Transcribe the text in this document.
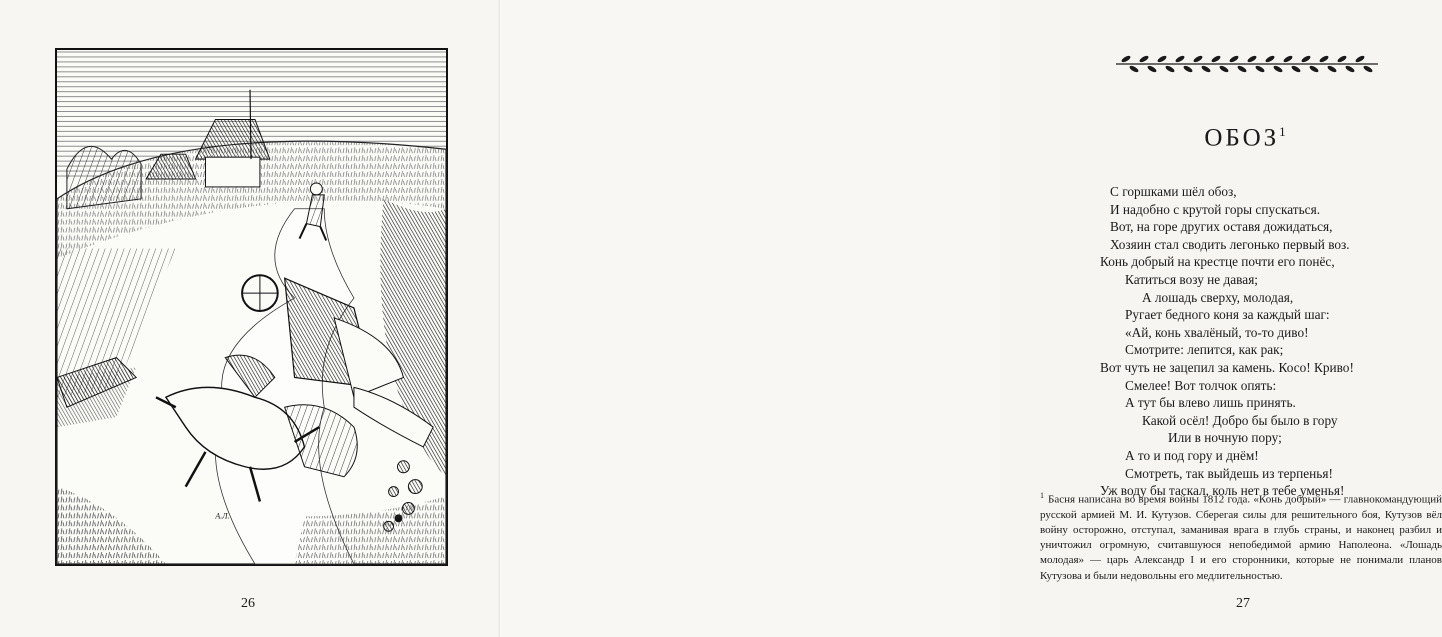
А.Л.
26
ОБОЗ$^1$
С горшками шёл обоз,
И надобно с крутой горы спускаться.
Вот, на горе других оставя дожидаться,
Хозяин стал сводить легонько первый воз.
Конь добрый на крестце почти его понёс,
Катиться возу не давая;
А лошадь сверху, молодая,
Ругает бедного коня за каждый шаг:
«Ай, конь хвалёный, то-то диво!
Смотрите: лепится, как рак;
Вот чуть не зацепил за камень. Косо! Криво!
Смелее! Вот толчок опять:
А тут бы влево лишь принять.
Какой осёл! Добро бы было в гору
Или в ночную пору;
А то и под гору и днём!
Смотреть, так выйдешь из терпенья!
Уж воду бы таскал, коль нет в тебе уменья!
$^1$ Басня написана во время войны 1812 года. «Конь добрый» — главнокомандующий русской армией М. И. Кутузов. Сберегая силы для решительного боя, Кутузов вёл войну осторожно, отступал, заманивая врага в глубь страны, и наконец разбил и уничтожил огромную, считавшуюся непобедимой армию Наполеона. «Лошадь молодая» — царь Александр I и его сторонники, которые не понимали планов Кутузова и были недовольны его медлительностью.
27
